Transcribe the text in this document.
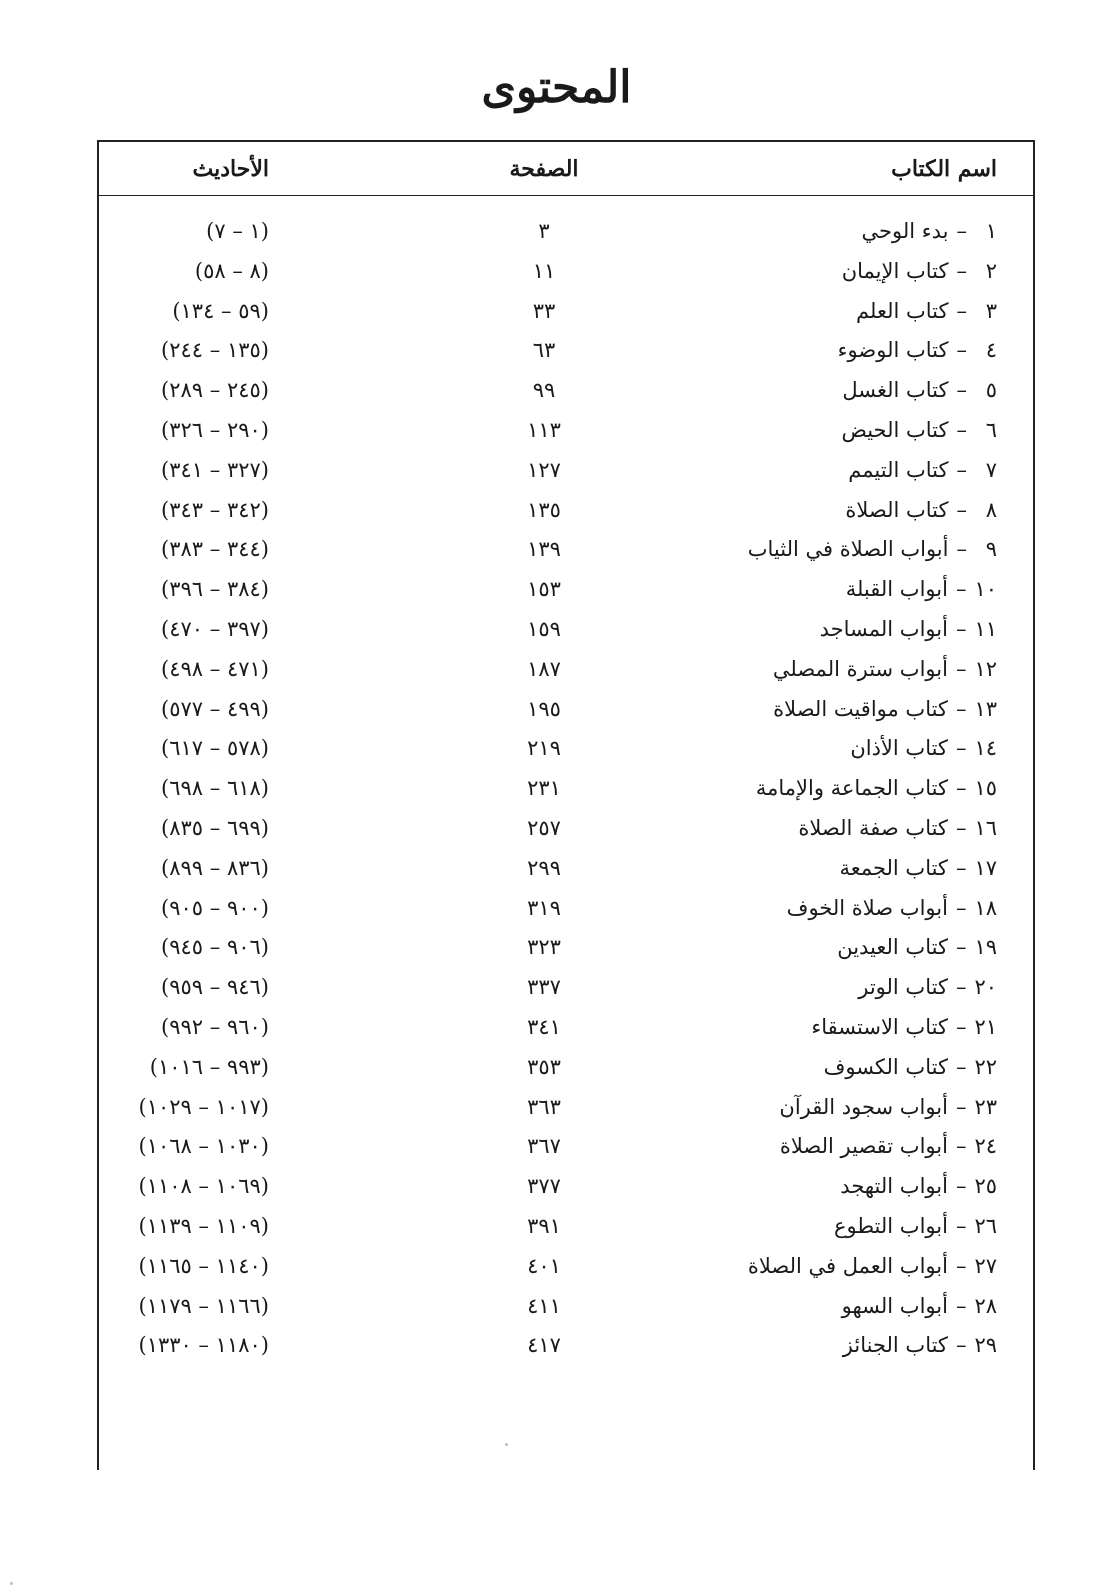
المحتوى
اسم الكتاب
الصفحة
الأحاديث
١–بدء الوحي
٣
(١ – ٧)
٢–كتاب الإيمان
١١
(٨ – ٥٨)
٣–كتاب العلم
٣٣
(٥٩ – ١٣٤)
٤–كتاب الوضوء
٦٣
(١٣٥ – ٢٤٤)
٥–كتاب الغسل
٩٩
(٢٤٥ – ٢٨٩)
٦–كتاب الحيض
١١٣
(٢٩٠ – ٣٢٦)
٧–كتاب التيمم
١٢٧
(٣٢٧ – ٣٤١)
٨–كتاب الصلاة
١٣٥
(٣٤٢ – ٣٤٣)
٩–أبواب الصلاة في الثياب
١٣٩
(٣٤٤ – ٣٨٣)
١٠–أبواب القبلة
١٥٣
(٣٨٤ – ٣٩٦)
١١–أبواب المساجد
١٥٩
(٣٩٧ – ٤٧٠)
١٢–أبواب سترة المصلي
١٨٧
(٤٧١ – ٤٩٨)
١٣–كتاب مواقيت الصلاة
١٩٥
(٤٩٩ – ٥٧٧)
١٤–كتاب الأذان
٢١٩
(٥٧٨ – ٦١٧)
١٥–كتاب الجماعة والإمامة
٢٣١
(٦١٨ – ٦٩٨)
١٦–كتاب صفة الصلاة
٢٥٧
(٦٩٩ – ٨٣٥)
١٧–كتاب الجمعة
٢٩٩
(٨٣٦ – ٨٩٩)
١٨–أبواب صلاة الخوف
٣١٩
(٩٠٠ – ٩٠٥)
١٩–كتاب العيدين
٣٢٣
(٩٠٦ – ٩٤٥)
٢٠–كتاب الوتر
٣٣٧
(٩٤٦ – ٩٥٩)
٢١–كتاب الاستسقاء
٣٤١
(٩٦٠ – ٩٩٢)
٢٢–كتاب الكسوف
٣٥٣
(٩٩٣ – ١٠١٦)
٢٣–أبواب سجود القرآن
٣٦٣
(١٠١٧ – ١٠٢٩)
٢٤–أبواب تقصير الصلاة
٣٦٧
(١٠٣٠ – ١٠٦٨)
٢٥–أبواب التهجد
٣٧٧
(١٠٦٩ – ١١٠٨)
٢٦–أبواب التطوع
٣٩١
(١١٠٩ – ١١٣٩)
٢٧–أبواب العمل في الصلاة
٤٠١
(١١٤٠ – ١١٦٥)
٢٨–أبواب السهو
٤١١
(١١٦٦ – ١١٧٩)
٢٩–كتاب الجنائز
٤١٧
(١١٨٠ – ١٣٣٠)
